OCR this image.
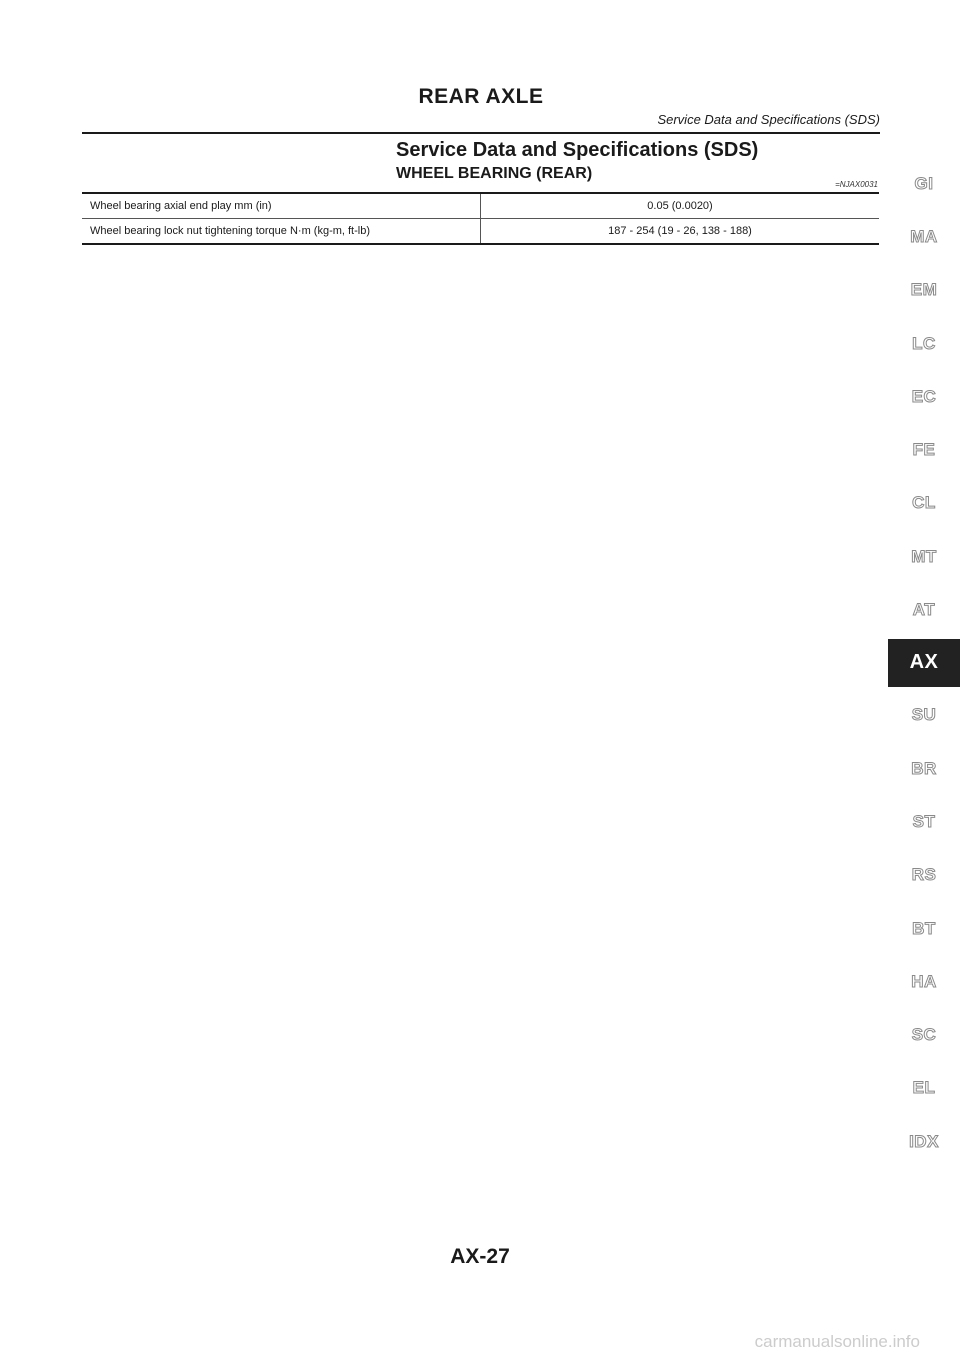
REAR AXLE
Service Data and Specifications (SDS)
Service Data and Specifications (SDS)
WHEEL BEARING (REAR)
=NJAX0031
Wheel bearing axial end play mm (in)	0.05 (0.0020)
Wheel bearing lock nut tightening torque N·m (kg-m, ft-lb)	187 - 254 (19 - 26, 138 - 188)
GI
MA
EM
LC
EC
FE
CL
MT
AT
AX
SU
BR
ST
RS
BT
HA
SC
EL
IDX
AX-27
carmanualsonline.info
